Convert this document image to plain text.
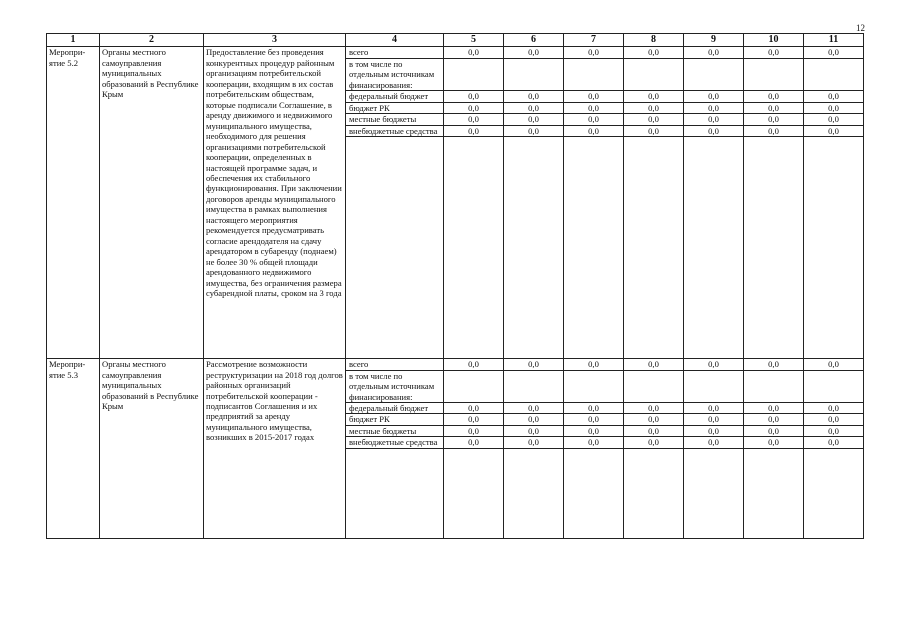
12
1	2	3	4	5	6	7	8	9	10	11

Меропри-
ятие 5.2	Органы местного самоуправления муниципальных образований в Республике Крым	Предоставление без проведения конкурентных процедур районным организациям потребительской кооперации, входящим в их состав потребительским обществам, которые подписали Соглашение, в аренду движимого и недвижимого муниципального имущества, необходимого для решения организациями потребительской кооперации, определенных в настоящей программе задач, и обеспечения их стабильного функционирования. При заключении договоров аренды муниципального имущества в рамках выполнения настоящего мероприятия рекомендуется предусматривать согласие арендодателя на сдачу арендатором в субаренду (поднаем) не более 30 % общей площади арендованного недвижимого имущества, без ограничения размера субарендной платы, сроком на 3 года	всего	0,0	0,0	0,0	0,0	0,0	0,0	0,0
			в том числе по отдельным источникам финансирования:							
			федеральный бюджет	0,0	0,0	0,0	0,0	0,0	0,0	0,0
			бюджет РК	0,0	0,0	0,0	0,0	0,0	0,0	0,0
			местные бюджеты	0,0	0,0	0,0	0,0	0,0	0,0	0,0
			внебюджетные средства	0,0	0,0	0,0	0,0	0,0	0,0	0,0

Меропри-
ятие 5.3	Органы местного самоуправления муниципальных образований в Республике Крым	Рассмотрение возможности реструктуризации на 2018 год долгов районных организаций потребительской кооперации - подписантов Соглашения и их предприятий за аренду муниципального имущества, возникших в 2015-2017 годах	всего	0,0	0,0	0,0	0,0	0,0	0,0	0,0
			в том числе по отдельным источникам финансирования:							
			федеральный бюджет	0,0	0,0	0,0	0,0	0,0	0,0	0,0
			бюджет РК	0,0	0,0	0,0	0,0	0,0	0,0	0,0
			местные бюджеты	0,0	0,0	0,0	0,0	0,0	0,0	0,0
			внебюджетные средства	0,0	0,0	0,0	0,0	0,0	0,0	0,0
